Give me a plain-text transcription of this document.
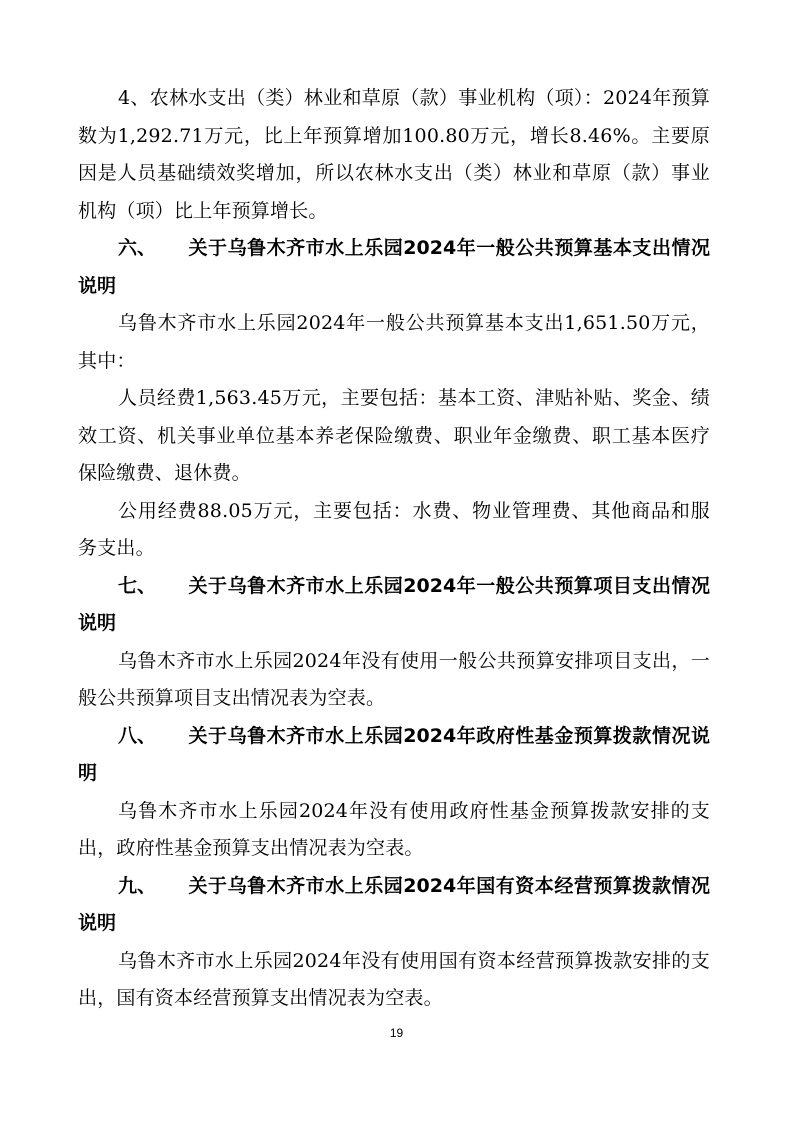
4、农林水支出（类）林业和草原（款）事业机构（项）：2024年预算数为1,292.71万元，比上年预算增加100.80万元，增长8.46%。主要原因是人员基础绩效奖增加，所以农林水支出（类）林业和草原（款）事业机构（项）比上年预算增长。

六、 关于乌鲁木齐市水上乐园2024年一般公共预算基本支出情况说明

乌鲁木齐市水上乐园2024年一般公共预算基本支出1,651.50万元，其中：

人员经费1,563.45万元，主要包括：基本工资、津贴补贴、奖金、绩效工资、机关事业单位基本养老保险缴费、职业年金缴费、职工基本医疗保险缴费、退休费。

公用经费88.05万元，主要包括：水费、物业管理费、其他商品和服务支出。

七、 关于乌鲁木齐市水上乐园2024年一般公共预算项目支出情况说明

乌鲁木齐市水上乐园2024年没有使用一般公共预算安排项目支出，一般公共预算项目支出情况表为空表。

八、 关于乌鲁木齐市水上乐园2024年政府性基金预算拨款情况说明

乌鲁木齐市水上乐园2024年没有使用政府性基金预算拨款安排的支出，政府性基金预算支出情况表为空表。

九、 关于乌鲁木齐市水上乐园2024年国有资本经营预算拨款情况说明

乌鲁木齐市水上乐园2024年没有使用国有资本经营预算拨款安排的支出，国有资本经营预算支出情况表为空表。

19
